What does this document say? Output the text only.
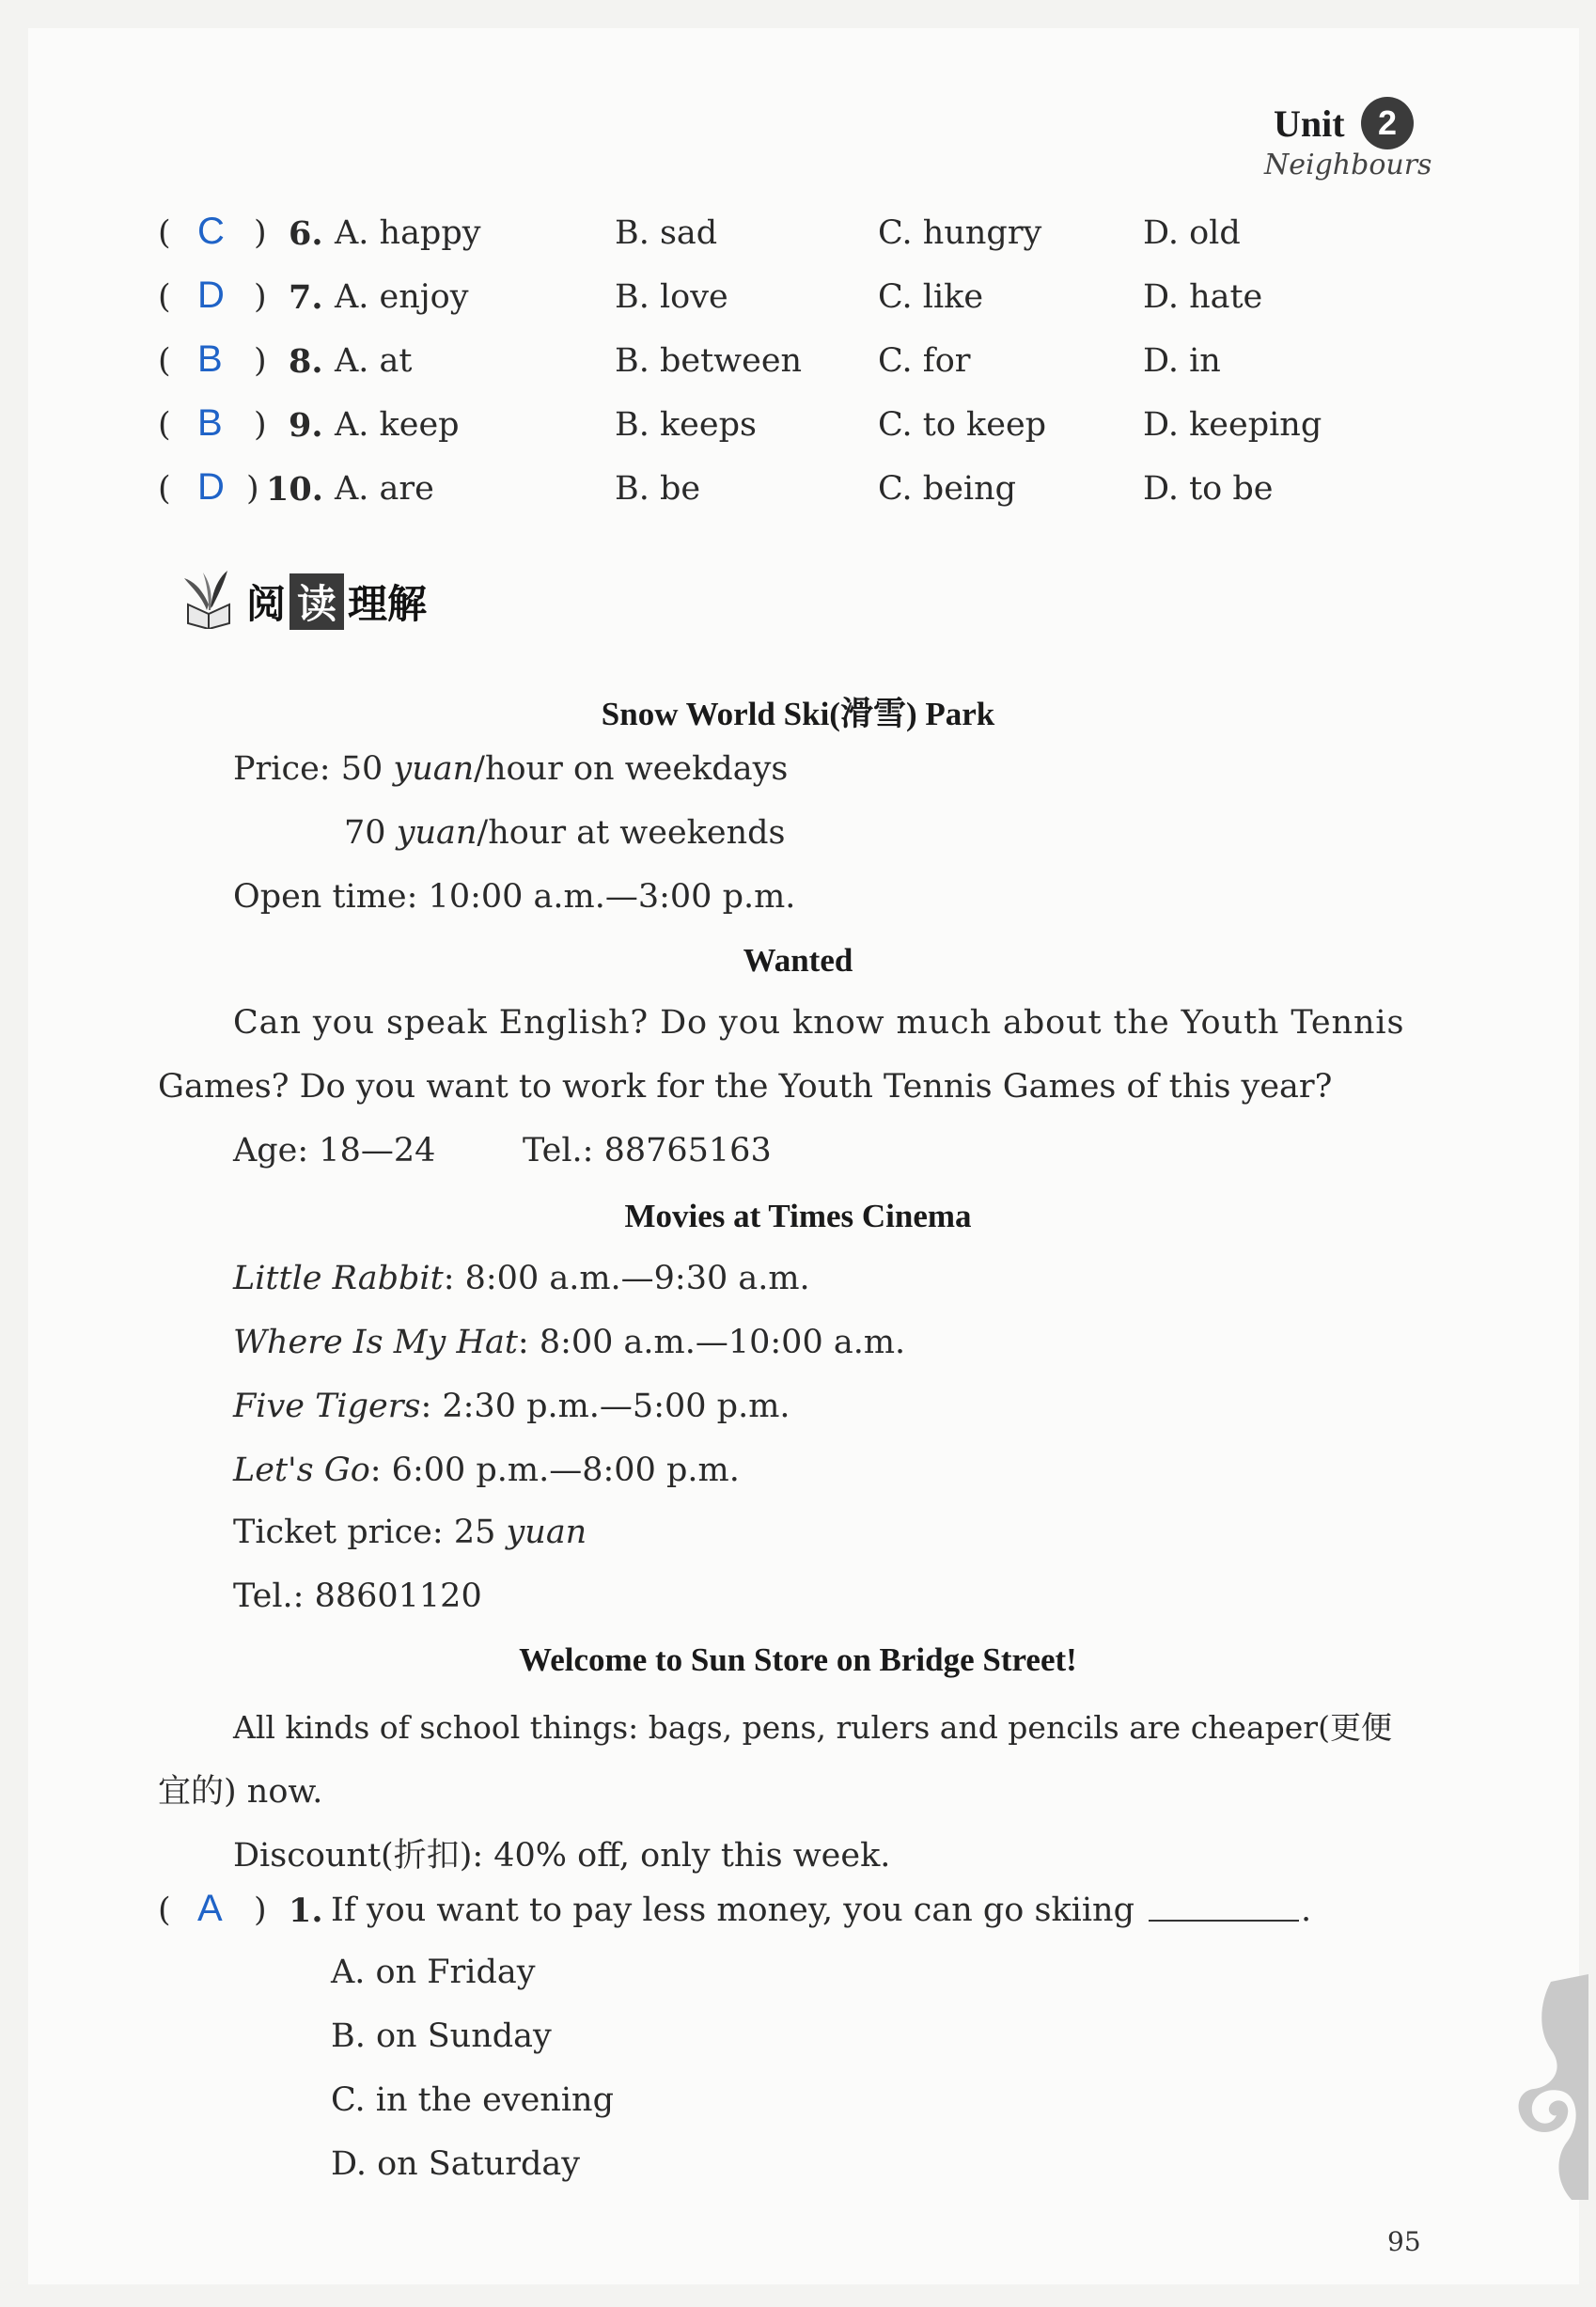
Unit 2
Neighbours
( C ) 6. A. happy	B. sad	C. hungry	D. old
( D ) 7. A. enjoy	B. love	C. like	D. hate
( B ) 8. A. at	B. between C. for	D. in
( B ) 9. A. keep	B. keeps	C. to keep	D. keeping
( D ) 10. A. are	B. be	C. being	D. to be
阅 读 理解
Snow World Ski(滑雪) Park
Price: 50 yuan/hour on weekdays
70 yuan/hour at weekends
Open time: 10:00 a.m.—3:00 p.m.
Wanted
Can you speak English? Do you know much about the Youth Tennis
Games? Do you want to work for the Youth Tennis Games of this year?
Age: 18—24	Tel.: 88765163
Movies at Times Cinema
Little Rabbit: 8:00 a.m.—9:30 a.m.
Where Is My Hat: 8:00 a.m.—10:00 a.m.
Five Tigers: 2:30 p.m.—5:00 p.m.
Let's Go: 6:00 p.m.—8:00 p.m.
Ticket price: 25 yuan
Tel.: 88601120
Welcome to Sun Store on Bridge Street!
All kinds of school things: bags, pens, rulers and pencils are cheaper(更便
宜的) now.
Discount(折扣): 40% off, only this week.
( A ) 1. If you want to pay less money, you can go skiing	.
A. on Friday
B. on Sunday
C. in the evening
D. on Saturday
95
